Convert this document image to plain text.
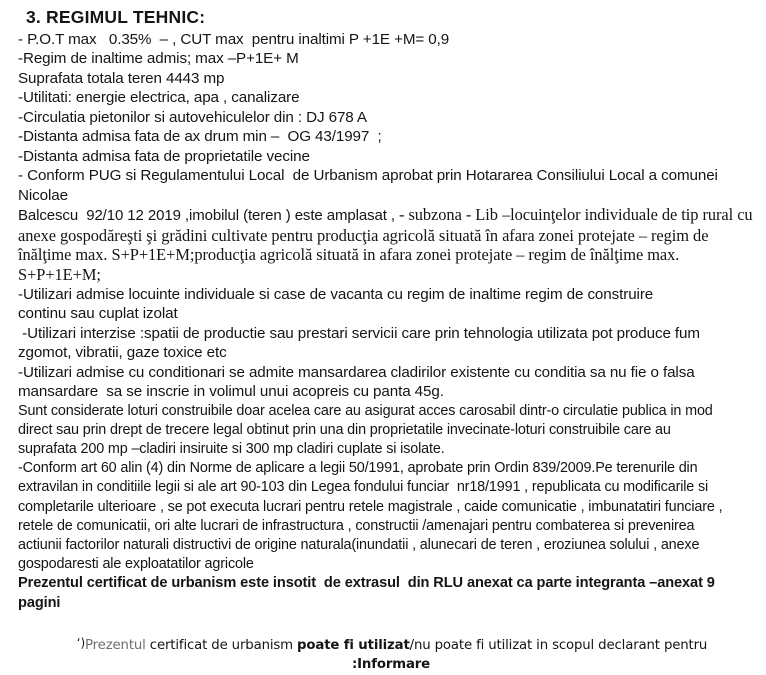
3. REGIMUL TEHNIC:

- P.O.T max   0.35%  – , CUT max  pentru inaltimi P +1E +M= 0,9

-Regim de inaltime admis; max –P+1E+ M

Suprafata totala teren 4443 mp

-Utilitati: energie electrica, apa , canalizare

-Circulatia pietonilor si autovehiculelor din : DJ 678 A

-Distanta admisa fata de ax drum min –  OG 43/1997  ;

-Distanta admisa fata de proprietatile vecine

- Conform PUG si Regulamentului Local  de Urbanism aprobat prin Hotararea Consiliului Local a comunei Nicolae

Balcescu  92/10 12 2019 ,imobilul (teren ) este amplasat , - subzona - Lib –locuinţelor individuale de tip rural cu

anexe gospodăreşti şi grădini cultivate pentru producţia agricolă situată în afara zonei protejate – regim de

înălţime max. S+P+1E+M;producţia agricolă situată in afara zonei protejate – regim de înălţime max.

S+P+1E+M;

-Utilizari admise locuinte individuale si case de vacanta cu regim de inaltime regim de construire

continu sau cuplat izolat

-Utilizari interzise :spatii de productie sau prestari servicii care prin tehnologia utilizata pot produce fum

zgomot, vibratii, gaze toxice etc

-Utilizari admise cu conditionari se admite mansardarea cladirilor existente cu conditia sa nu fie o falsa

mansardare  sa se inscrie in volimul unui acopreis cu panta 45g.

Sunt considerate loturi construibile doar acelea care au asigurat acces carosabil dintr-o circulatie publica in mod

direct sau prin drept de trecere legal obtinut prin una din proprietatile invecinate-loturi construibile care au

suprafata 200 mp –cladiri insiruite si 300 mp cladiri cuplate si isolate.

-Conform art 60 alin (4) din Norme de aplicare a legii 50/1991, aprobate prin Ordin 839/2009.Pe terenurile din

extravilan in conditiile legii si ale art 90-103 din Legea fondului funciar  nr18/1991 , republicata cu modificarile si

completarile ulterioare , se pot executa lucrari pentru retele magistrale , caide comunicatie , imbunatatiri funciare ,

retele de comunicatii, ori alte lucrari de infrastructura , constructii /amenajari pentru combaterea si prevenirea

actiunii factorilor naturali distructivi de origine naturala(inundatii , alunecari de teren , eroziunea solului , anexe

gospodaresti ale exploatatilor agricole

Prezentul certificat de urbanism este insotit  de extrasul  din RLU anexat ca parte integranta –anexat 9 pagini

‘)Prezentul certificat de urbanism poate fi utilizat/nu poate fi utilizat in scopul declarant pentru
:Informare
